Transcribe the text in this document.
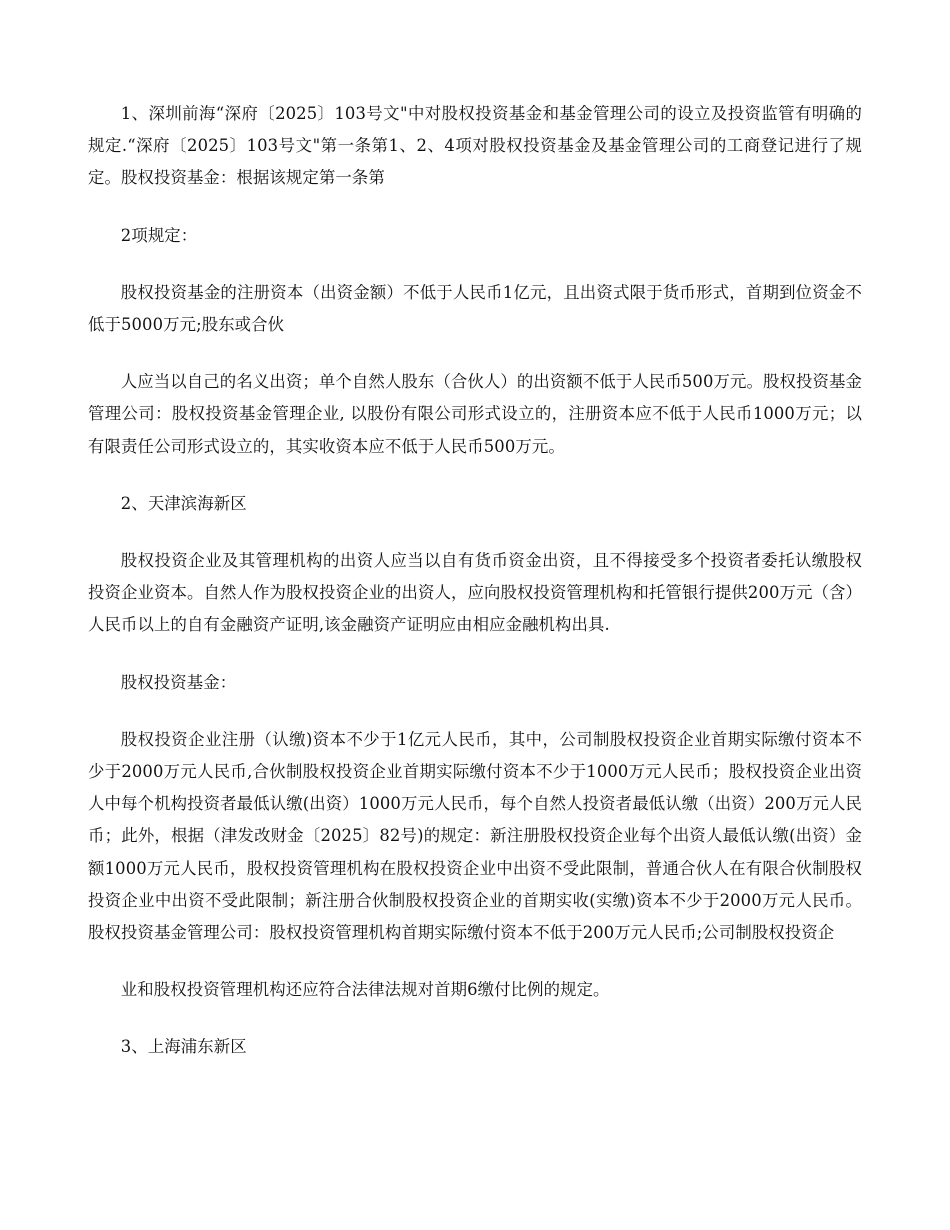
1、深圳前海“深府〔2025〕103号文"中对股权投资基金和基金管理公司的设立及投资监管有明确的规定.“深府〔2025〕103号文"第一条第1、2、4项对股权投资基金及基金管理公司的工商登记进行了规定。股权投资基金：根据该规定第一条第

2项规定：

股权投资基金的注册资本（出资金额）不低于人民币1亿元，且出资式限于货币形式，首期到位资金不低于5000万元;股东或合伙

人应当以自己的名义出资；单个自然人股东（合伙人）的出资额不低于人民币500万元。股权投资基金管理公司：股权投资基金管理企业, 以股份有限公司形式设立的，注册资本应不低于人民币1000万元；以有限责任公司形式设立的，其实收资本应不低于人民币500万元。

2、天津滨海新区

股权投资企业及其管理机构的出资人应当以自有货币资金出资，且不得接受多个投资者委托认缴股权投资企业资本。自然人作为股权投资企业的出资人，应向股权投资管理机构和托管银行提供200万元（含）人民币以上的自有金融资产证明,该金融资产证明应由相应金融机构出具.

股权投资基金：

股权投资企业注册（认缴)资本不少于1亿元人民币，其中，公司制股权投资企业首期实际缴付资本不少于2000万元人民币,合伙制股权投资企业首期实际缴付资本不少于1000万元人民币；股权投资企业出资人中每个机构投资者最低认缴(出资）1000万元人民币，每个自然人投资者最低认缴（出资）200万元人民币；此外，根据（津发改财金〔2025〕82号)的规定：新注册股权投资企业每个出资人最低认缴(出资）金额1000万元人民币，股权投资管理机构在股权投资企业中出资不受此限制，普通合伙人在有限合伙制股权投资企业中出资不受此限制；新注册合伙制股权投资企业的首期实收(实缴)资本不少于2000万元人民币。股权投资基金管理公司：股权投资管理机构首期实际缴付资本不低于200万元人民币;公司制股权投资企

业和股权投资管理机构还应符合法律法规对首期6缴付比例的规定。

3、上海浦东新区
